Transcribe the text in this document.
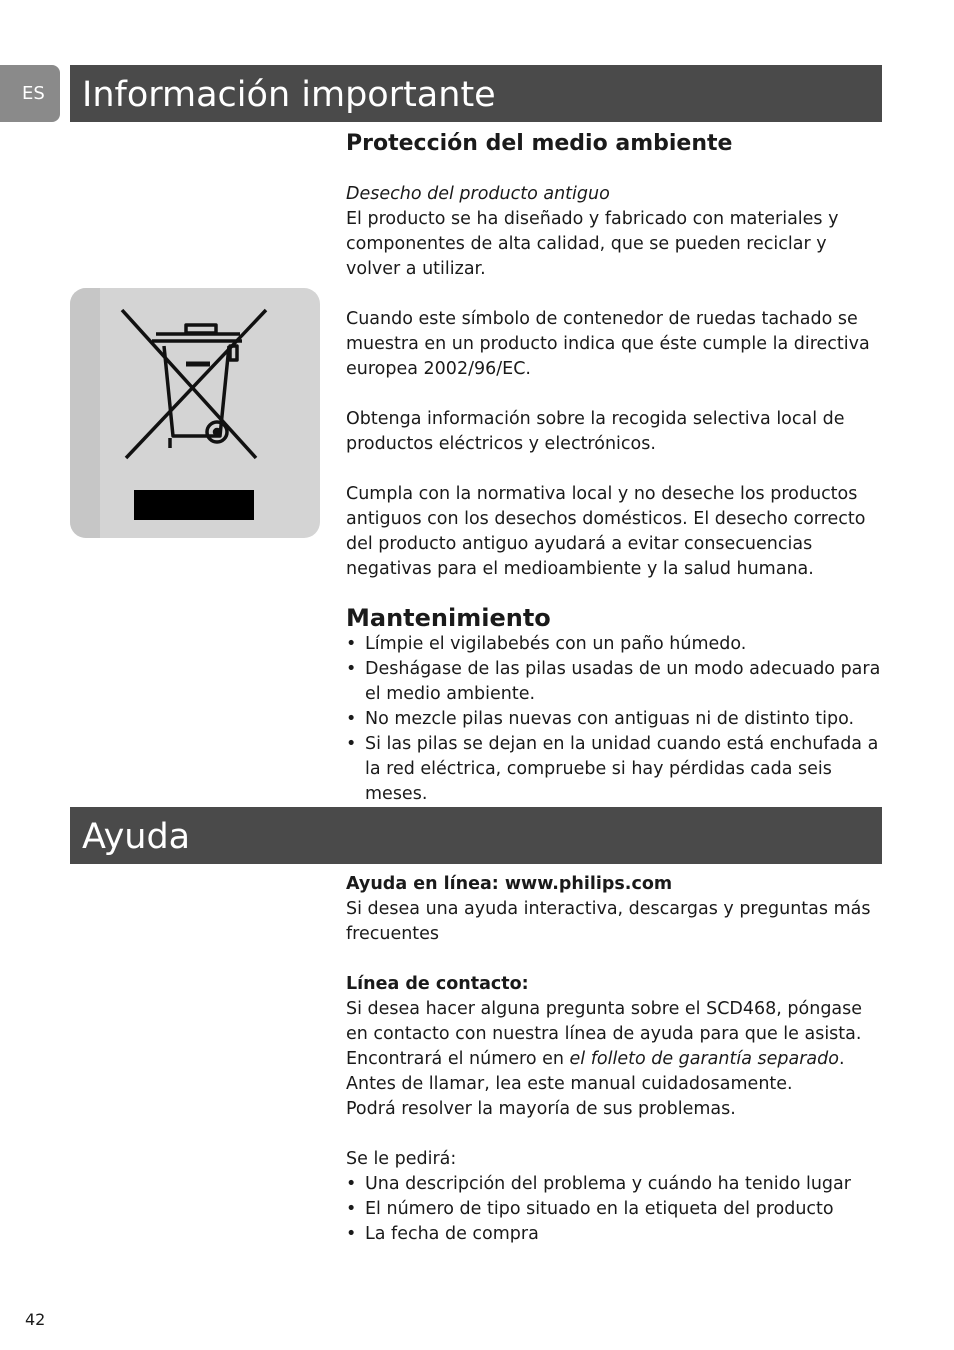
ES	Información importante

Protección del medio ambiente

Desecho del producto antiguo

El producto se ha diseñado y fabricado con materiales y componentes de alta calidad, que se pueden reciclar y volver a utilizar.

Cuando este símbolo de contenedor de ruedas tachado se muestra en un producto indica que éste cumple la directiva europea 2002/96/EC.

Obtenga información sobre la recogida selectiva local de productos eléctricos y electrónicos.

Cumpla con la normativa local y no deseche los productos antiguos con los desechos domésticos. El desecho correcto del producto antiguo ayudará a evitar consecuencias negativas para el medioambiente y la salud humana.

Mantenimiento

• Límpie el vigilabebés con un paño húmedo.
• Deshágase de las pilas usadas de un modo adecuado para el medio ambiente.
• No mezcle pilas nuevas con antiguas ni de distinto tipo.
• Si las pilas se dejan en la unidad cuando está enchufada a la red eléctrica, compruebe si hay pérdidas cada seis meses.
Ayuda

Ayuda en línea: www.philips.com

Si desea una ayuda interactiva, descargas y preguntas más frecuentes

Línea de contacto:

Si desea hacer alguna pregunta sobre el SCD468, póngase en contacto con nuestra línea de ayuda para que le asista.

Encontrará el número en el folleto de garantía separado.

Antes de llamar, lea este manual cuidadosamente.

Podrá resolver la mayoría de sus problemas.

Se le pedirá:

• Una descripción del problema y cuándo ha tenido lugar
• El número de tipo situado en la etiqueta del producto
• La fecha de compra
42
